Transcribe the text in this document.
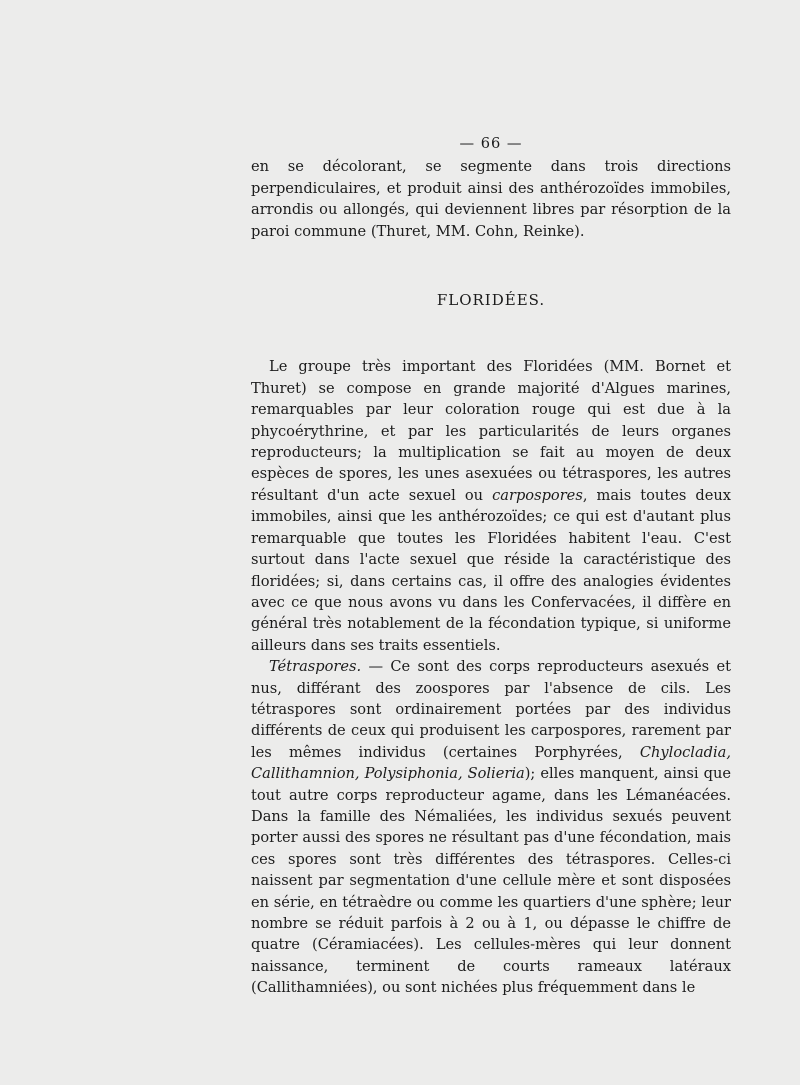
— 66 —

en se décolorant, se segmente dans trois directions perpendiculaires, et produit ainsi des anthérozoïdes immobiles, arrondis ou allongés, qui deviennent libres par résorption de la paroi commune (Thuret, MM. Cohn, Reinke).

FLORIDÉES.

Le groupe très important des Floridées (MM. Bornet et Thuret) se compose en grande majorité d'Algues marines, remarquables par leur coloration rouge qui est due à la phycoérythrine, et par les particularités de leurs organes reproducteurs; la multiplication se fait au moyen de deux espèces de spores, les unes asexuées ou tétraspores, les autres résultant d'un acte sexuel ou carpospores, mais toutes deux immobiles, ainsi que les anthérozoïdes; ce qui est d'autant plus remarquable que toutes les Floridées habitent l'eau. C'est surtout dans l'acte sexuel que réside la caractéristique des floridées; si, dans certains cas, il offre des analogies évidentes avec ce que nous avons vu dans les Confervacées, il diffère en général très notablement de la fécondation typique, si uniforme ailleurs dans ses traits essentiels.

Tétraspores. — Ce sont des corps reproducteurs asexués et nus, différant des zoospores par l'absence de cils. Les tétraspores sont ordinairement portées par des individus différents de ceux qui produisent les carpospores, rarement par les mêmes individus (certaines Porphyrées, Chylocladia, Callithamnion, Polysiphonia, Solieria); elles manquent, ainsi que tout autre corps reproducteur agame, dans les Lémanéacées. Dans la famille des Némaliées, les individus sexués peuvent porter aussi des spores ne résultant pas d'une fécondation, mais ces spores sont très différentes des tétraspores. Celles-ci naissent par segmentation d'une cellule mère et sont disposées en série, en tétraèdre ou comme les quartiers d'une sphère; leur nombre se réduit parfois à 2 ou à 1, ou dépasse le chiffre de quatre (Céramiacées). Les cellules-mères qui leur donnent naissance, terminent de courts rameaux latéraux (Callithamniées), ou sont nichées plus fréquemment dans le
